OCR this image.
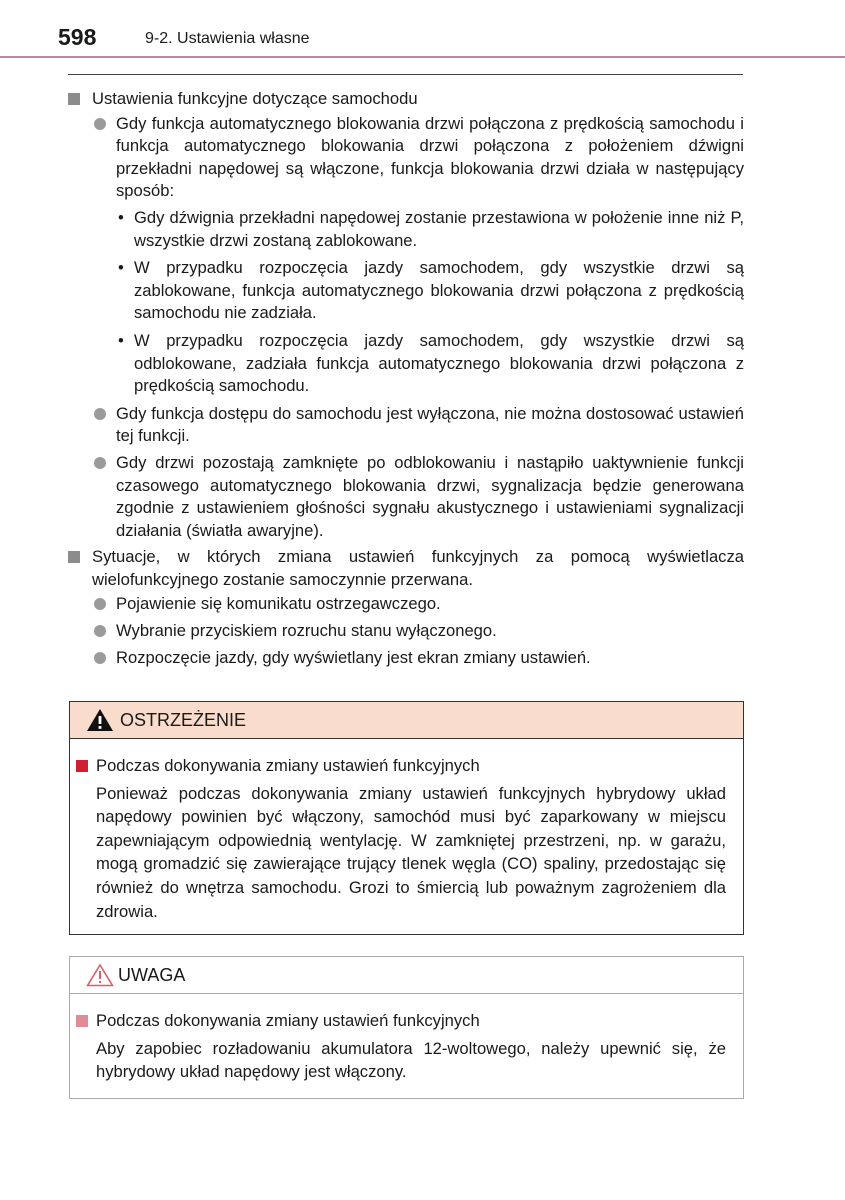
598	9-2. Ustawienia własne
Ustawienia funkcyjne dotyczące samochodu
Gdy funkcja automatycznego blokowania drzwi połączona z prędkością samochodu i funkcja automatycznego blokowania drzwi połączona z położeniem dźwigni przekładni napędowej są włączone, funkcja blokowania drzwi działa w następujący sposób:
• Gdy dźwignia przekładni napędowej zostanie przestawiona w położenie inne niż P, wszystkie drzwi zostaną zablokowane.
• W przypadku rozpoczęcia jazdy samochodem, gdy wszystkie drzwi są zablokowane, funkcja automatycznego blokowania drzwi połączona z prędkością samochodu nie zadziała.
• W przypadku rozpoczęcia jazdy samochodem, gdy wszystkie drzwi są odblokowane, zadziała funkcja automatycznego blokowania drzwi połączona z prędkością samochodu.
Gdy funkcja dostępu do samochodu jest wyłączona, nie można dostosować ustawień tej funkcji.
Gdy drzwi pozostają zamknięte po odblokowaniu i nastąpiło uaktywnienie funkcji czasowego automatycznego blokowania drzwi, sygnalizacja będzie generowana zgodnie z ustawieniem głośności sygnału akustycznego i ustawieniami sygnalizacji działania (światła awaryjne).
Sytuacje, w których zmiana ustawień funkcyjnych za pomocą wyświetlacza wielofunkcyjnego zostanie samoczynnie przerwana.
Pojawienie się komunikatu ostrzegawczego.
Wybranie przyciskiem rozruchu stanu wyłączonego.
Rozpoczęcie jazdy, gdy wyświetlany jest ekran zmiany ustawień.
OSTRZEŻENIE
Podczas dokonywania zmiany ustawień funkcyjnych
Ponieważ podczas dokonywania zmiany ustawień funkcyjnych hybrydowy układ napędowy powinien być włączony, samochód musi być zaparkowany w miejscu zapewniającym odpowiednią wentylację. W zamkniętej przestrzeni, np. w garażu, mogą gromadzić się zawierające trujący tlenek węgla (CO) spaliny, przedostając się również do wnętrza samochodu. Grozi to śmiercią lub poważnym zagrożeniem dla zdrowia.
UWAGA
Podczas dokonywania zmiany ustawień funkcyjnych
Aby zapobiec rozładowaniu akumulatora 12-woltowego, należy upewnić się, że hybrydowy układ napędowy jest włączony.
